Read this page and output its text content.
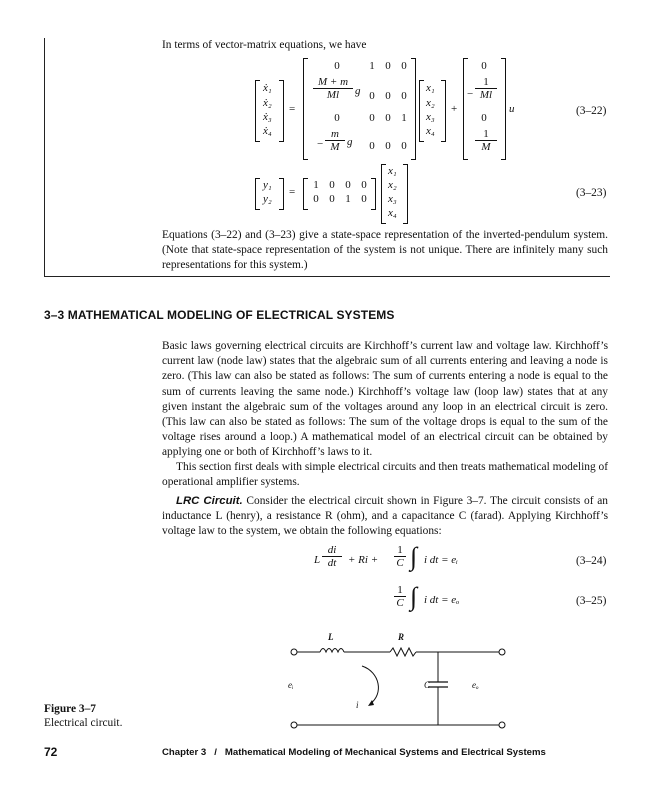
In terms of vector-matrix equations, we have
ẋ₁
ẋ₂
ẋ₃
ẋ₄
=
0	1 0 0
$\frac{M + m}{Ml}$ g 0 0 0
0	0 0 1
− $\frac{m}{M}$ g 0 0 0
x₁
x₂
x₃
x₄
+
0
− $\frac{1}{Ml}$
0
$\frac{1}{M}$
u	(3–22)
y₁
y₂
=
1 0 0 0
0 0 1 0
x₁
x₂
x₃
x₄
(3–23)
Equations (3–22) and (3–23) give a state-space representation of the inverted-pendulum system. (Note that state-space representation of the system is not unique. There are infinitely many such representations for this system.)
3–3 MATHEMATICAL MODELING OF ELECTRICAL SYSTEMS
Basic laws governing electrical circuits are Kirchhoff’s current law and voltage law. Kirchhoff’s current law (node law) states that the algebraic sum of all currents entering and leaving a node is zero. (This law can also be stated as follows: The sum of currents entering a node is equal to the sum of currents leaving the same node.) Kirchhoff’s voltage law (loop law) states that at any given instant the algebraic sum of the voltages around any loop in an electrical circuit is zero. (This law can also be stated as follows: The sum of the voltage drops is equal to the sum of the voltage rises around a loop.) A mathematical model of an electrical circuit can be obtained by applying one or both of Kirchhoff’s laws to it.
This section first deals with simple electrical circuits and then treats mathematical modeling of operational amplifier systems.
LRC Circuit. Consider the electrical circuit shown in Figure 3–7. The circuit consists of an inductance L (henry), a resistance R (ohm), and a capacitance C (farad). Applying Kirchhoff’s voltage law to the system, we obtain the following equations:
L $\frac{di}{dt} + Ri + \frac{1}{C}$ ∫ i dt = eᵢ	(3–24)
$\frac{1}{C}$ ∫ i dt = eₒ	(3–25)
L	R
C
eᵢ	eₒ
i
Figure 3–7
Electrical circuit.
72	Chapter 3   /   Mathematical Modeling of Mechanical Systems and Electrical Systems
